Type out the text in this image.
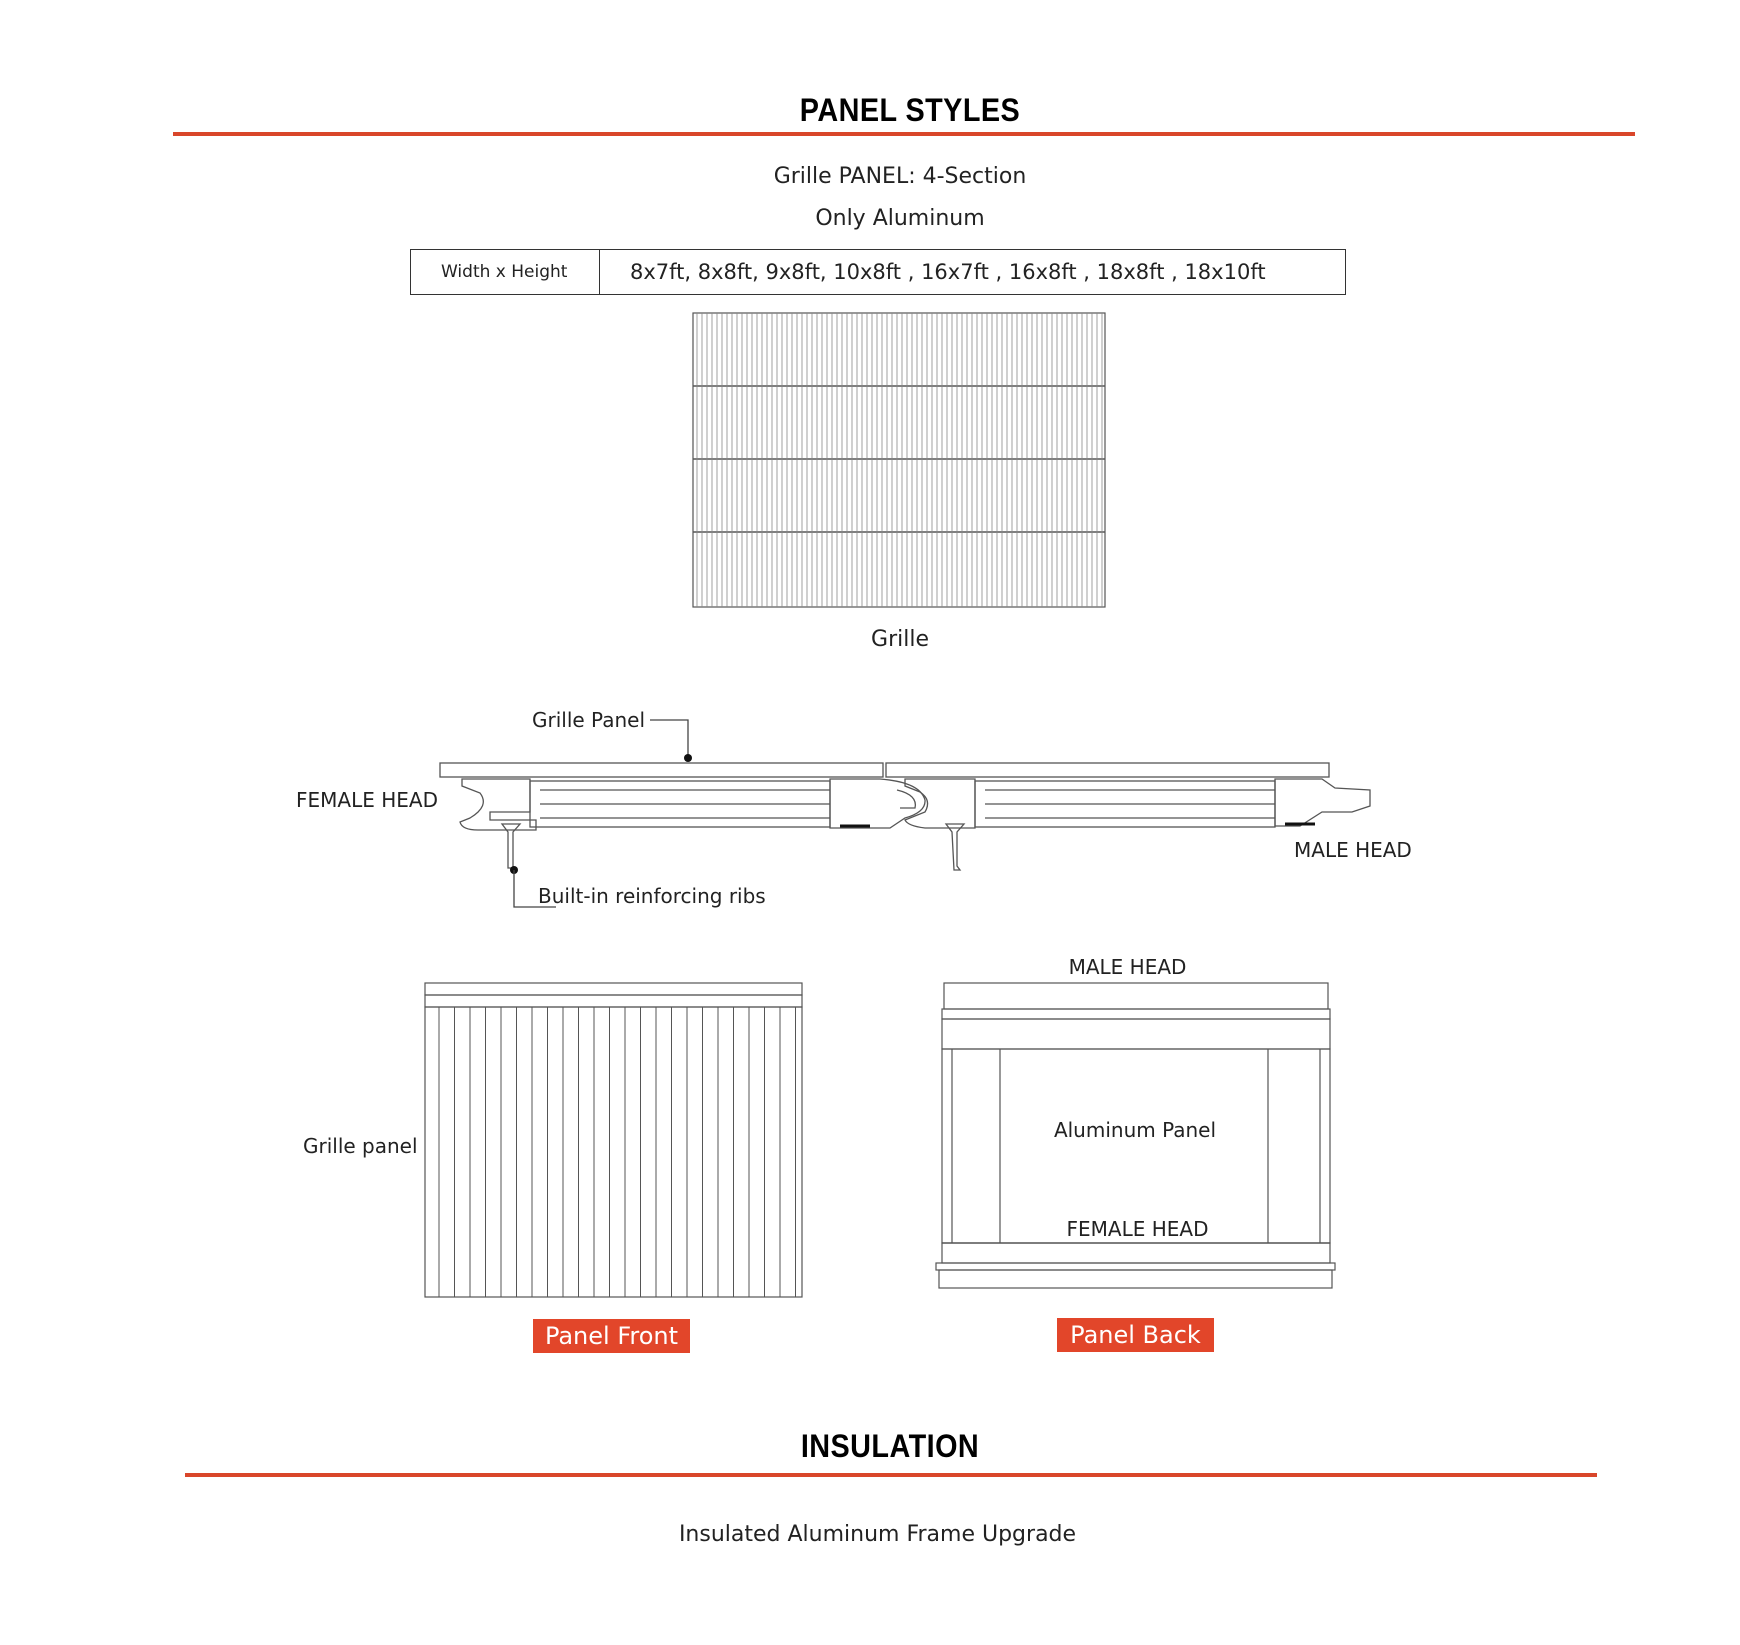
PANEL STYLES
Grille PANEL: 4-Section
Only Aluminum
Width x Height	8x7ft, 8x8ft, 9x8ft, 10x8ft , 16x7ft , 16x8ft , 18x8ft , 18x10ft
Grille
Grille Panel
FEMALE HEAD
MALE HEAD
Built-in reinforcing ribs
Grille panel
Panel Front
MALE HEAD
Aluminum Panel
FEMALE HEAD
Panel Back
INSULATION
Insulated Aluminum Frame Upgrade
